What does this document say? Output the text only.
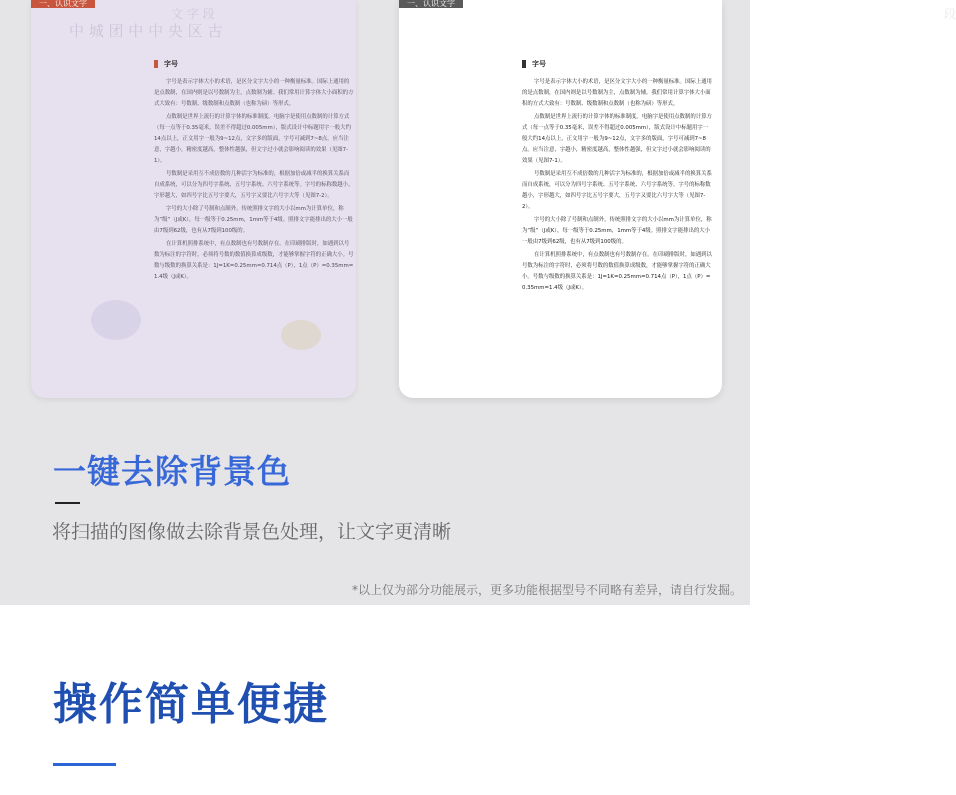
一、认识文字
中 城 团 中 中 央 区 古
文 字 段
字号

字号是表示字体大小的术语，是区分文字大小的一种衡量标准。国际上通用的是点数制，在国内则是以号数制为主，点数制为辅。我们常用计算字体大小面积的方式大致有：号数制、级数制和点数制（也称为磅）等形式。

点数制是世界上流行的计算字体的标准制度。电脑字是使用点数制的计算方式（每一点等于0.35毫米，误差不得超过0.005mm），版式设计中标题用字一般大约14点以上，正文用字一般为9~12点，文字多的版面，字号可减到7~8点。应当注意，字越小，精密度越高，整体性越强，但文字过小就会影响阅读的效果（见图7-1）。

号数制是采用互不成倍数的几种活字为标准的，根据加倍或减半的换算关系而自成系统，可以分为四号字系统、五号字系统、六号字系统等。字号的标称数越小，字形越大，如四号字比五号字要大，五号字又要比六号字大等（见图7-2）。

字号的大小除了号制和点制外，传统照排文字的大小以mm为计算单位，称为“级”（J或K），每一级等于0.25mm，1mm等于4级。照排文字能排出的大小一般由7级到62级，也有从7级到100级的。

在计算机照排系统中，有点数制也有号数制存在。在印刷排版时，如遇到以号数为标注的字符时，必须将号数的数值换算成级数，才能够掌握字符的正确大小。号数与级数的换算关系是：1J=1K=0.25mm=0.714点（P），1点（P）=0.35mm=1.4级（J或K）。

一、认识文字
段
字号

字号是表示字体大小的术语，是区分文字大小的一种衡量标准。国际上通用的是点数制，在国内则是以号数制为主，点数制为辅。我们常用计算字体大小面积的方式大致有：号数制、级数制和点数制（也称为磅）等形式。

点数制是世界上流行的计算字体的标准制度。电脑字是使用点数制的计算方式（每一点等于0.35毫米，误差不得超过0.005mm），版式设计中标题用字一般大约14点以上，正文用字一般为9~12点，文字多的版面，字号可减到7~8点。应当注意，字越小，精密度越高，整体性越强，但文字过小就会影响阅读的效果（见图7-1）。

号数制是采用互不成倍数的几种活字为标准的，根据加倍或减半的换算关系而自成系统，可以分为四号字系统、五号字系统、六号字系统等。字号的标称数越小，字形越大，如四号字比五号字要大，五号字又要比六号字大等（见图7-2）。

字号的大小除了号制和点制外，传统照排文字的大小以mm为计算单位，称为“级”（J或K），每一级等于0.25mm，1mm等于4级。照排文字能排出的大小一般由7级到62级，也有从7级到100级的。

在计算机照排系统中，有点数制也有号数制存在。在印刷排版时，如遇到以号数为标注的字符时，必须将号数的数值换算成级数，才能够掌握字符的正确大小。号数与级数的换算关系是：1J=1K=0.25mm=0.714点（P），1点（P）=0.35mm=1.4级（J或K）。

一键去除背景色

将扫描的图像做去除背景色处理，让文字更清晰

*以上仅为部分功能展示，更多功能根据型号不同略有差异，请自行发掘。

操作简单便捷
